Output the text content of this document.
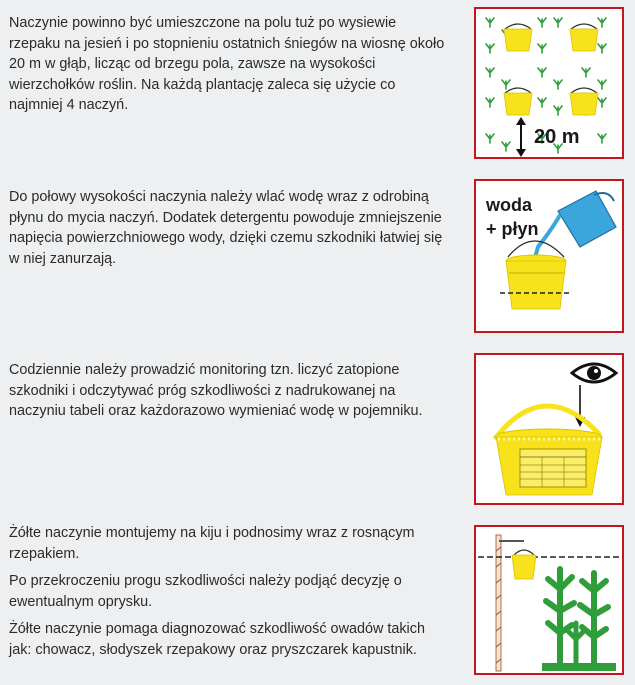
Naczynie powinno być umieszczone na polu tuż po wysiewie rzepaku na jesień i po stopnieniu ostatnich śniegów na wiosnę około 20 m w głąb, licząc od brzegu pola, zawsze na wysokości wierzchołków roślin. Na każdą plantację zaleca się użycie co najmniej 4 naczyń.

20 m

Do połowy wysokości naczynia należy wlać wodę wraz z odrobiną płynu do mycia naczyń. Dodatek detergentu powoduje zmniejszenie napięcia powierzchniowego wody, dzięki czemu szkodniki łatwiej się w niej zanurzają.

woda
+ płyn

Codziennie należy prowadzić monitoring tzn. liczyć zatopione szkodniki i odczytywać próg szkodliwości z nadrukowanej na naczyniu tabeli oraz każdorazowo wymieniać wodę w pojemniku.

Żółte naczynie montujemy na kiju i podnosimy wraz z rosnącym rzepakiem.

Po przekroczeniu progu szkodliwości należy podjąć decyzję o ewentualnym oprysku.

Żółte naczynie pomaga diagnozować szkodliwość owadów takich jak: chowacz, słodyszek rzepakowy oraz pryszczarek kapustnik.
